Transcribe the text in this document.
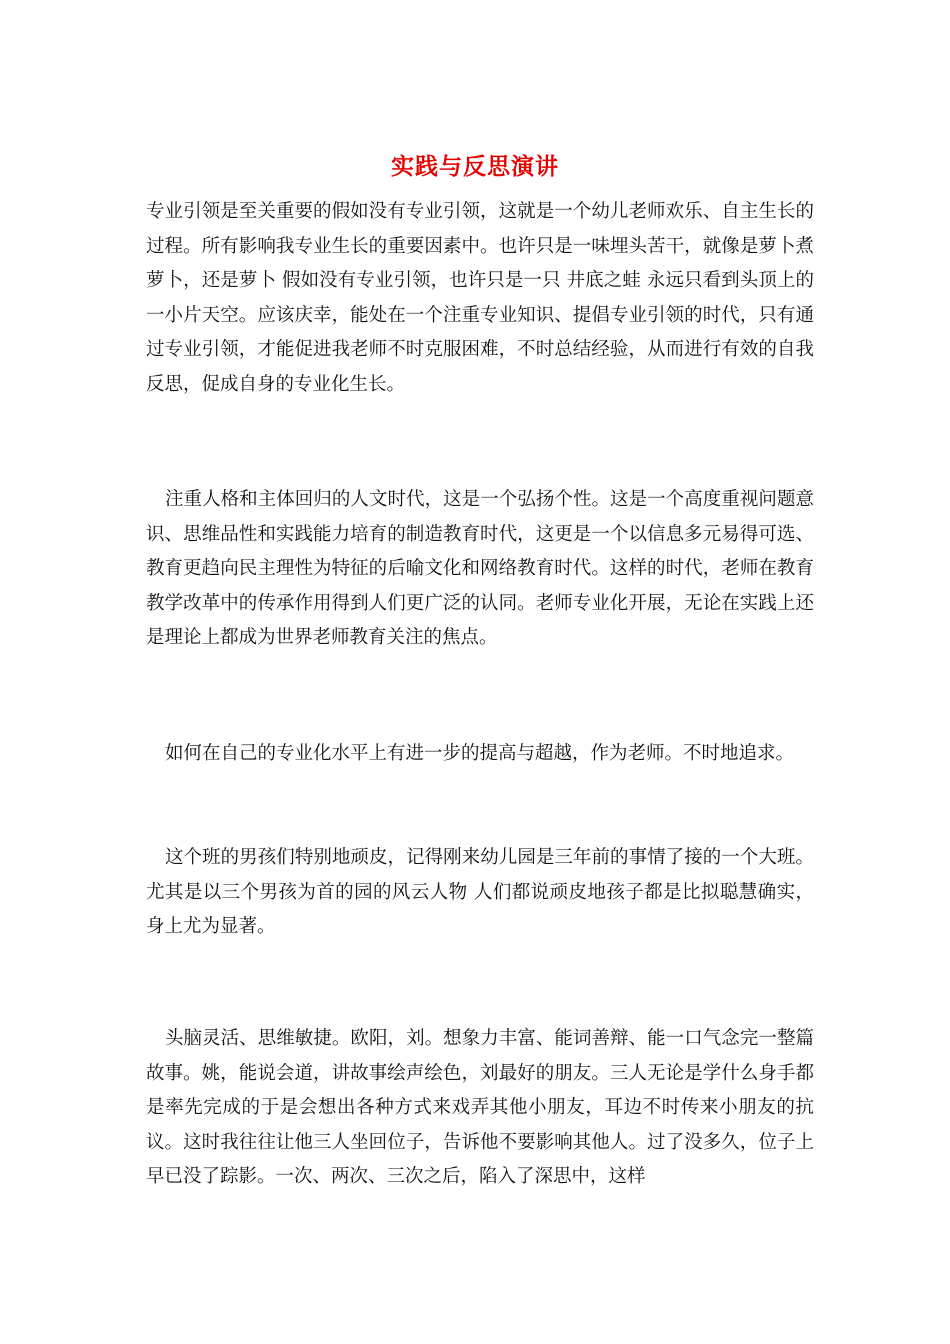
实践与反思演讲

专业引领是至关重要的假如没有专业引领，这就是一个幼儿老师欢乐、自主生长的过程。所有影响我专业生长的重要因素中。也许只是一味埋头苦干，就像是萝卜煮萝卜，还是萝卜 假如没有专业引领，也许只是一只 井底之蛙 永远只看到头顶上的一小片天空。应该庆幸，能处在一个注重专业知识、提倡专业引领的时代，只有通过专业引领，才能促进我老师不时克服困难，不时总结经验，从而进行有效的自我反思，促成自身的专业化生长。

注重人格和主体回归的人文时代，这是一个弘扬个性。这是一个高度重视问题意识、思维品性和实践能力培育的制造教育时代，这更是一个以信息多元易得可选、教育更趋向民主理性为特征的后喻文化和网络教育时代。这样的时代，老师在教育教学改革中的传承作用得到人们更广泛的认同。老师专业化开展，无论在实践上还是理论上都成为世界老师教育关注的焦点。

如何在自己的专业化水平上有进一步的提高与超越，作为老师。不时地追求。

这个班的男孩们特别地顽皮，记得刚来幼儿园是三年前的事情了接的一个大班。尤其是以三个男孩为首的园的风云人物 人们都说顽皮地孩子都是比拟聪慧确实，身上尤为显著。

头脑灵活、思维敏捷。欧阳，刘。想象力丰富、能词善辩、能一口气念完一整篇故事。姚，能说会道，讲故事绘声绘色，刘最好的朋友。三人无论是学什么身手都是率先完成的于是会想出各种方式来戏弄其他小朋友，耳边不时传来小朋友的抗议。这时我往往让他三人坐回位子，告诉他不要影响其他人。过了没多久，位子上早已没了踪影。一次、两次、三次之后，陷入了深思中，这样
